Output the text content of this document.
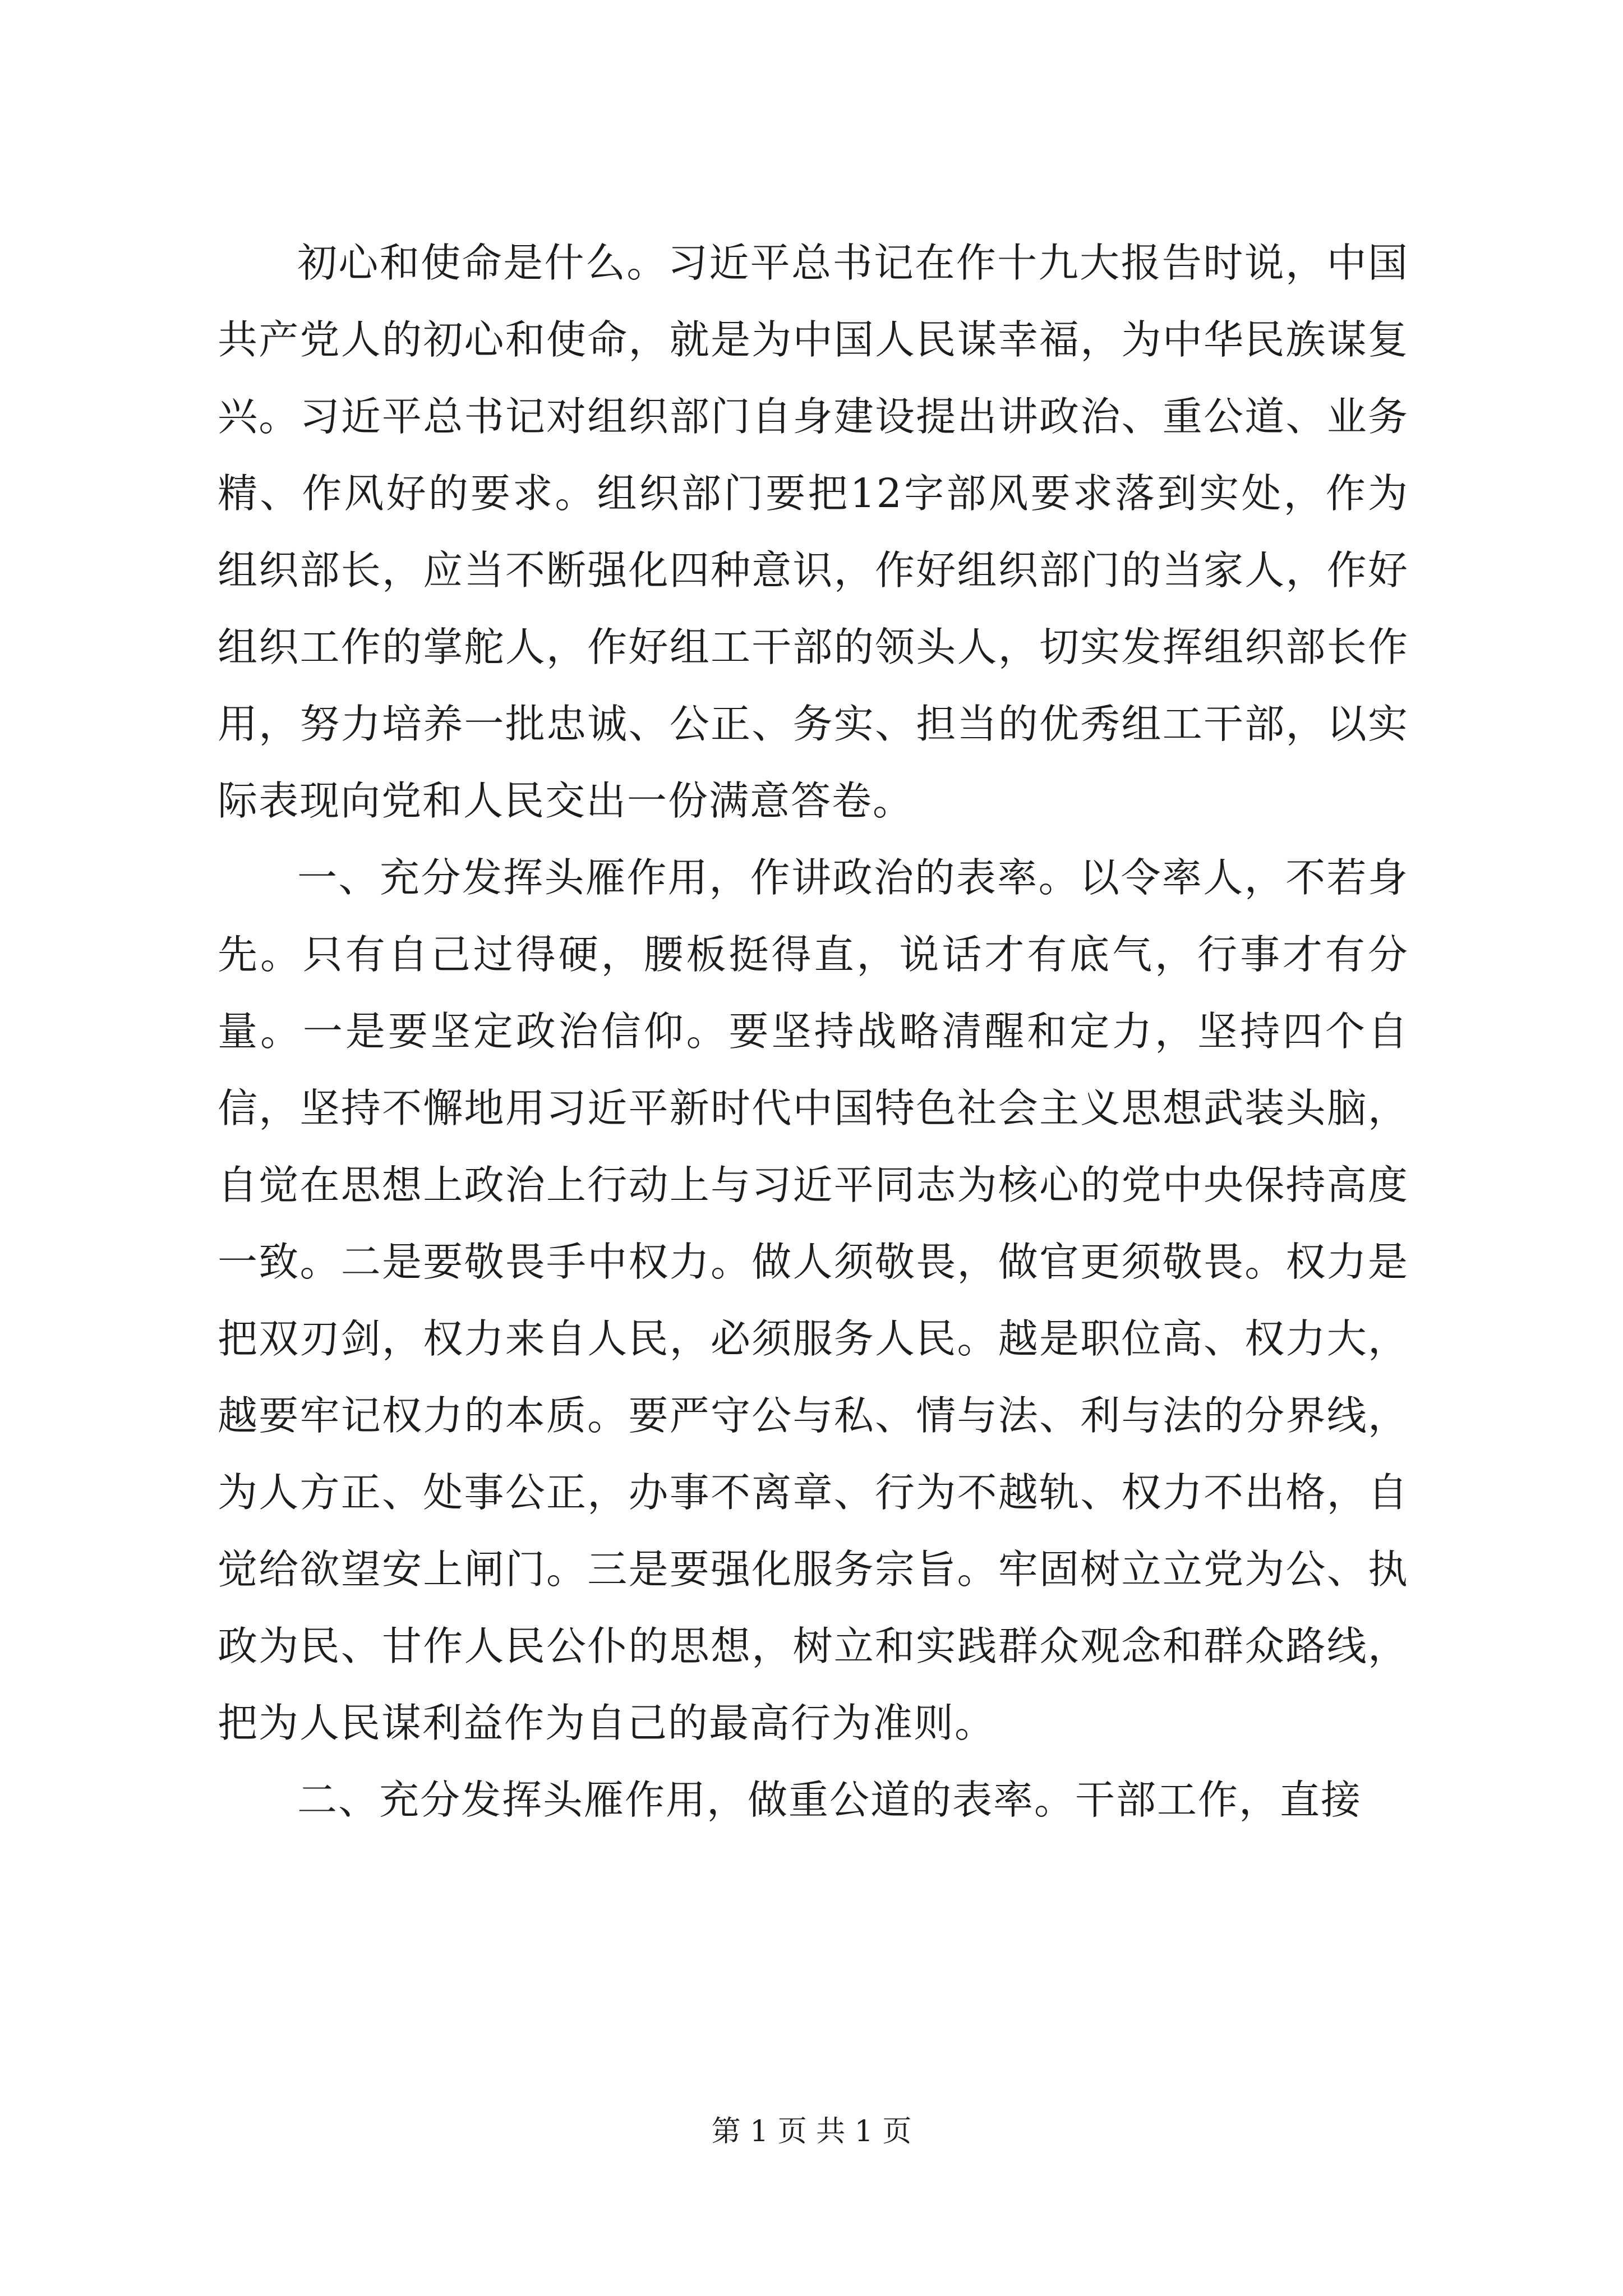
初心和使命是什么。习近平总书记在作十九大报告时说，中国共产党人的初心和使命，就是为中国人民谋幸福，为中华民族谋复兴。习近平总书记对组织部门自身建设提出讲政治、重公道、业务精、作风好的要求。组织部门要把12字部风要求落到实处，作为组织部长，应当不断强化四种意识，作好组织部门的当家人，作好组织工作的掌舵人，作好组工干部的领头人，切实发挥组织部长作用，努力培养一批忠诚、公正、务实、担当的优秀组工干部，以实际表现向党和人民交出一份满意答卷。

一、充分发挥头雁作用，作讲政治的表率。以令率人，不若身先。只有自己过得硬，腰板挺得直，说话才有底气，行事才有分量。一是要坚定政治信仰。要坚持战略清醒和定力，坚持四个自信，坚持不懈地用习近平新时代中国特色社会主义思想武装头脑，自觉在思想上政治上行动上与习近平同志为核心的党中央保持高度一致。二是要敬畏手中权力。做人须敬畏，做官更须敬畏。权力是把双刃剑，权力来自人民，必须服务人民。越是职位高、权力大，越要牢记权力的本质。要严守公与私、情与法、利与法的分界线，为人方正、处事公正，办事不离章、行为不越轨、权力不出格，自觉给欲望安上闸门。三是要强化服务宗旨。牢固树立立党为公、执政为民、甘作人民公仆的思想，树立和实践群众观念和群众路线，把为人民谋利益作为自己的最高行为准则。

二、充分发挥头雁作用，做重公道的表率。干部工作，直接

第 1 页 共 1 页
